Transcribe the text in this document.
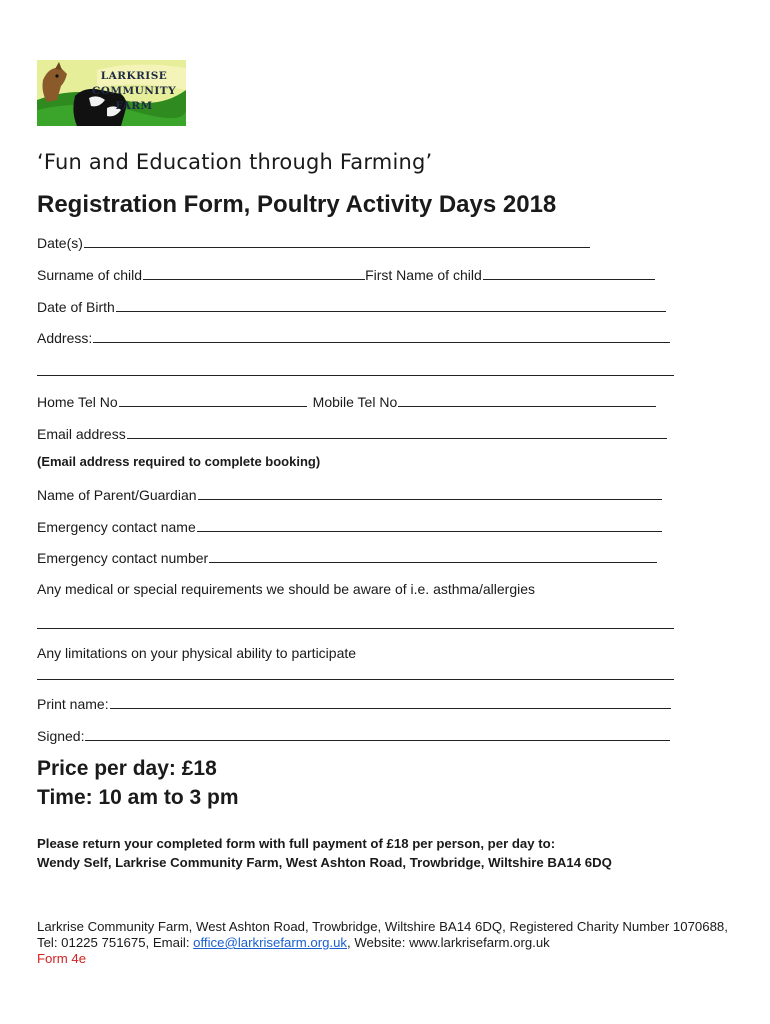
LARKRISE
COMMUNITY
FARM
‘Fun and Education through Farming’
Registration Form, Poultry Activity Days 2018
Date(s)
Surname of child	First Name of child
Date of Birth
Address:
Home Tel No	Mobile Tel No
Email address
(Email address required to complete booking)
Name of Parent/Guardian
Emergency contact name
Emergency contact number
Any medical or special requirements we should be aware of i.e. asthma/allergies
Any limitations on your physical ability to participate
Print name:
Signed:
Price per day: £18
Time: 10 am to 3 pm
Please return your completed form with full payment of £18 per person, per day to:
Wendy Self, Larkrise Community Farm, West Ashton Road, Trowbridge, Wiltshire BA14 6DQ
Larkrise Community Farm, West Ashton Road, Trowbridge, Wiltshire BA14 6DQ, Registered Charity Number 1070688, Tel: 01225 751675, Email: office@larkrisefarm.org.uk, Website: www.larkrisefarm.org.uk
Form 4e
